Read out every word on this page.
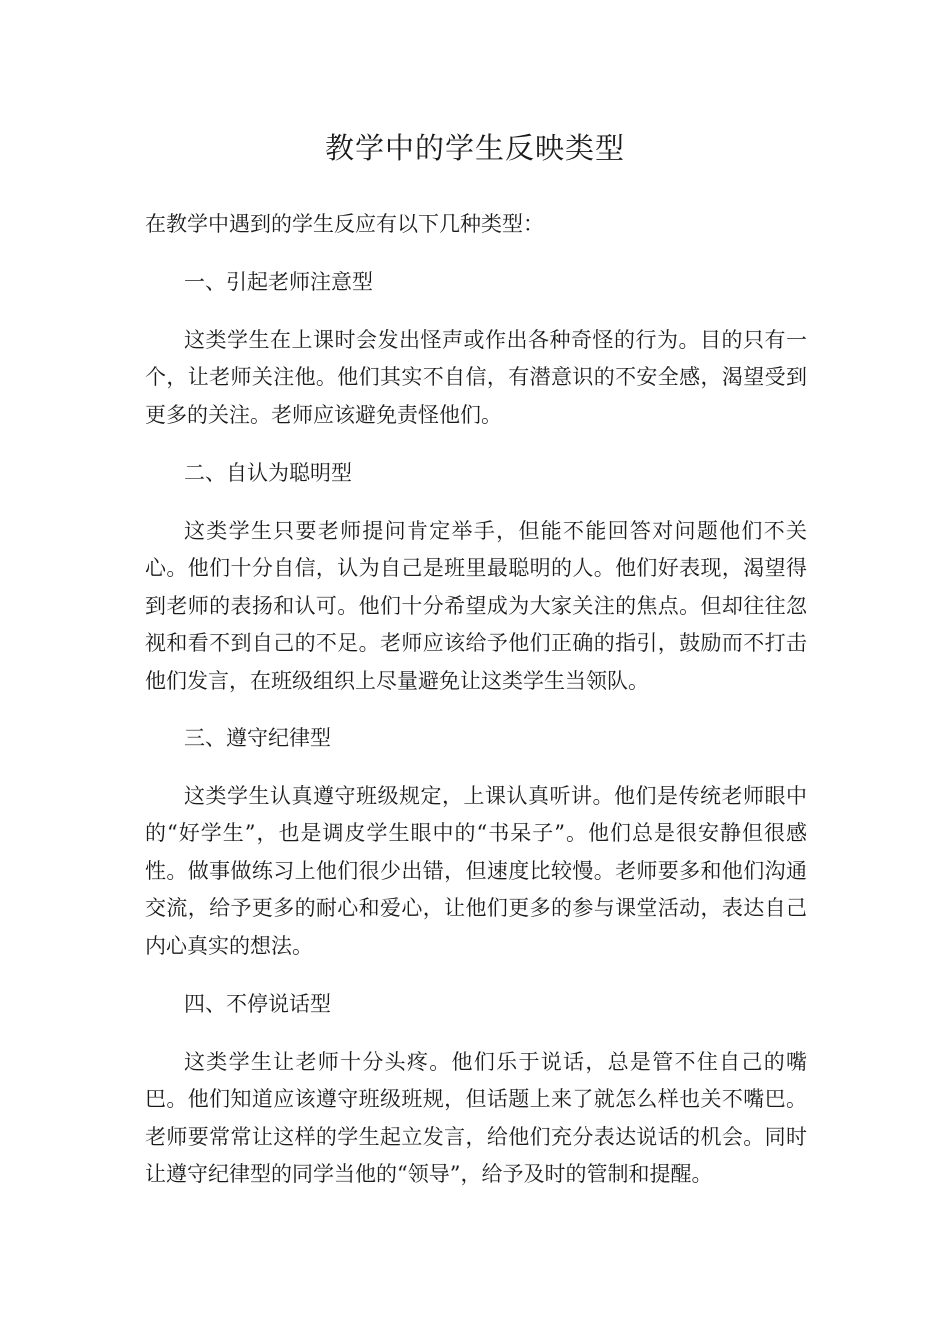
教学中的学生反映类型
在教学中遇到的学生反应有以下几种类型：
一、引起老师注意型

这类学生在上课时会发出怪声或作出各种奇怪的行为。目的只有一个，让老师关注他。他们其实不自信，有潜意识的不安全感，渴望受到更多的关注。老师应该避免责怪他们。

二、自认为聪明型

这类学生只要老师提问肯定举手，但能不能回答对问题他们不关心。他们十分自信，认为自己是班里最聪明的人。他们好表现，渴望得到老师的表扬和认可。他们十分希望成为大家关注的焦点。但却往往忽视和看不到自己的不足。老师应该给予他们正确的指引，鼓励而不打击他们发言，在班级组织上尽量避免让这类学生当领队。

三、遵守纪律型

这类学生认真遵守班级规定，上课认真听讲。他们是传统老师眼中的“好学生”，也是调皮学生眼中的“书呆子”。他们总是很安静但很感性。做事做练习上他们很少出错，但速度比较慢。老师要多和他们沟通交流，给予更多的耐心和爱心，让他们更多的参与课堂活动，表达自己内心真实的想法。

四、不停说话型

这类学生让老师十分头疼。他们乐于说话，总是管不住自己的嘴巴。他们知道应该遵守班级班规，但话题上来了就怎么样也关不嘴巴。老师要常常让这样的学生起立发言，给他们充分表达说话的机会。同时让遵守纪律型的同学当他的“领导”，给予及时的管制和提醒。
